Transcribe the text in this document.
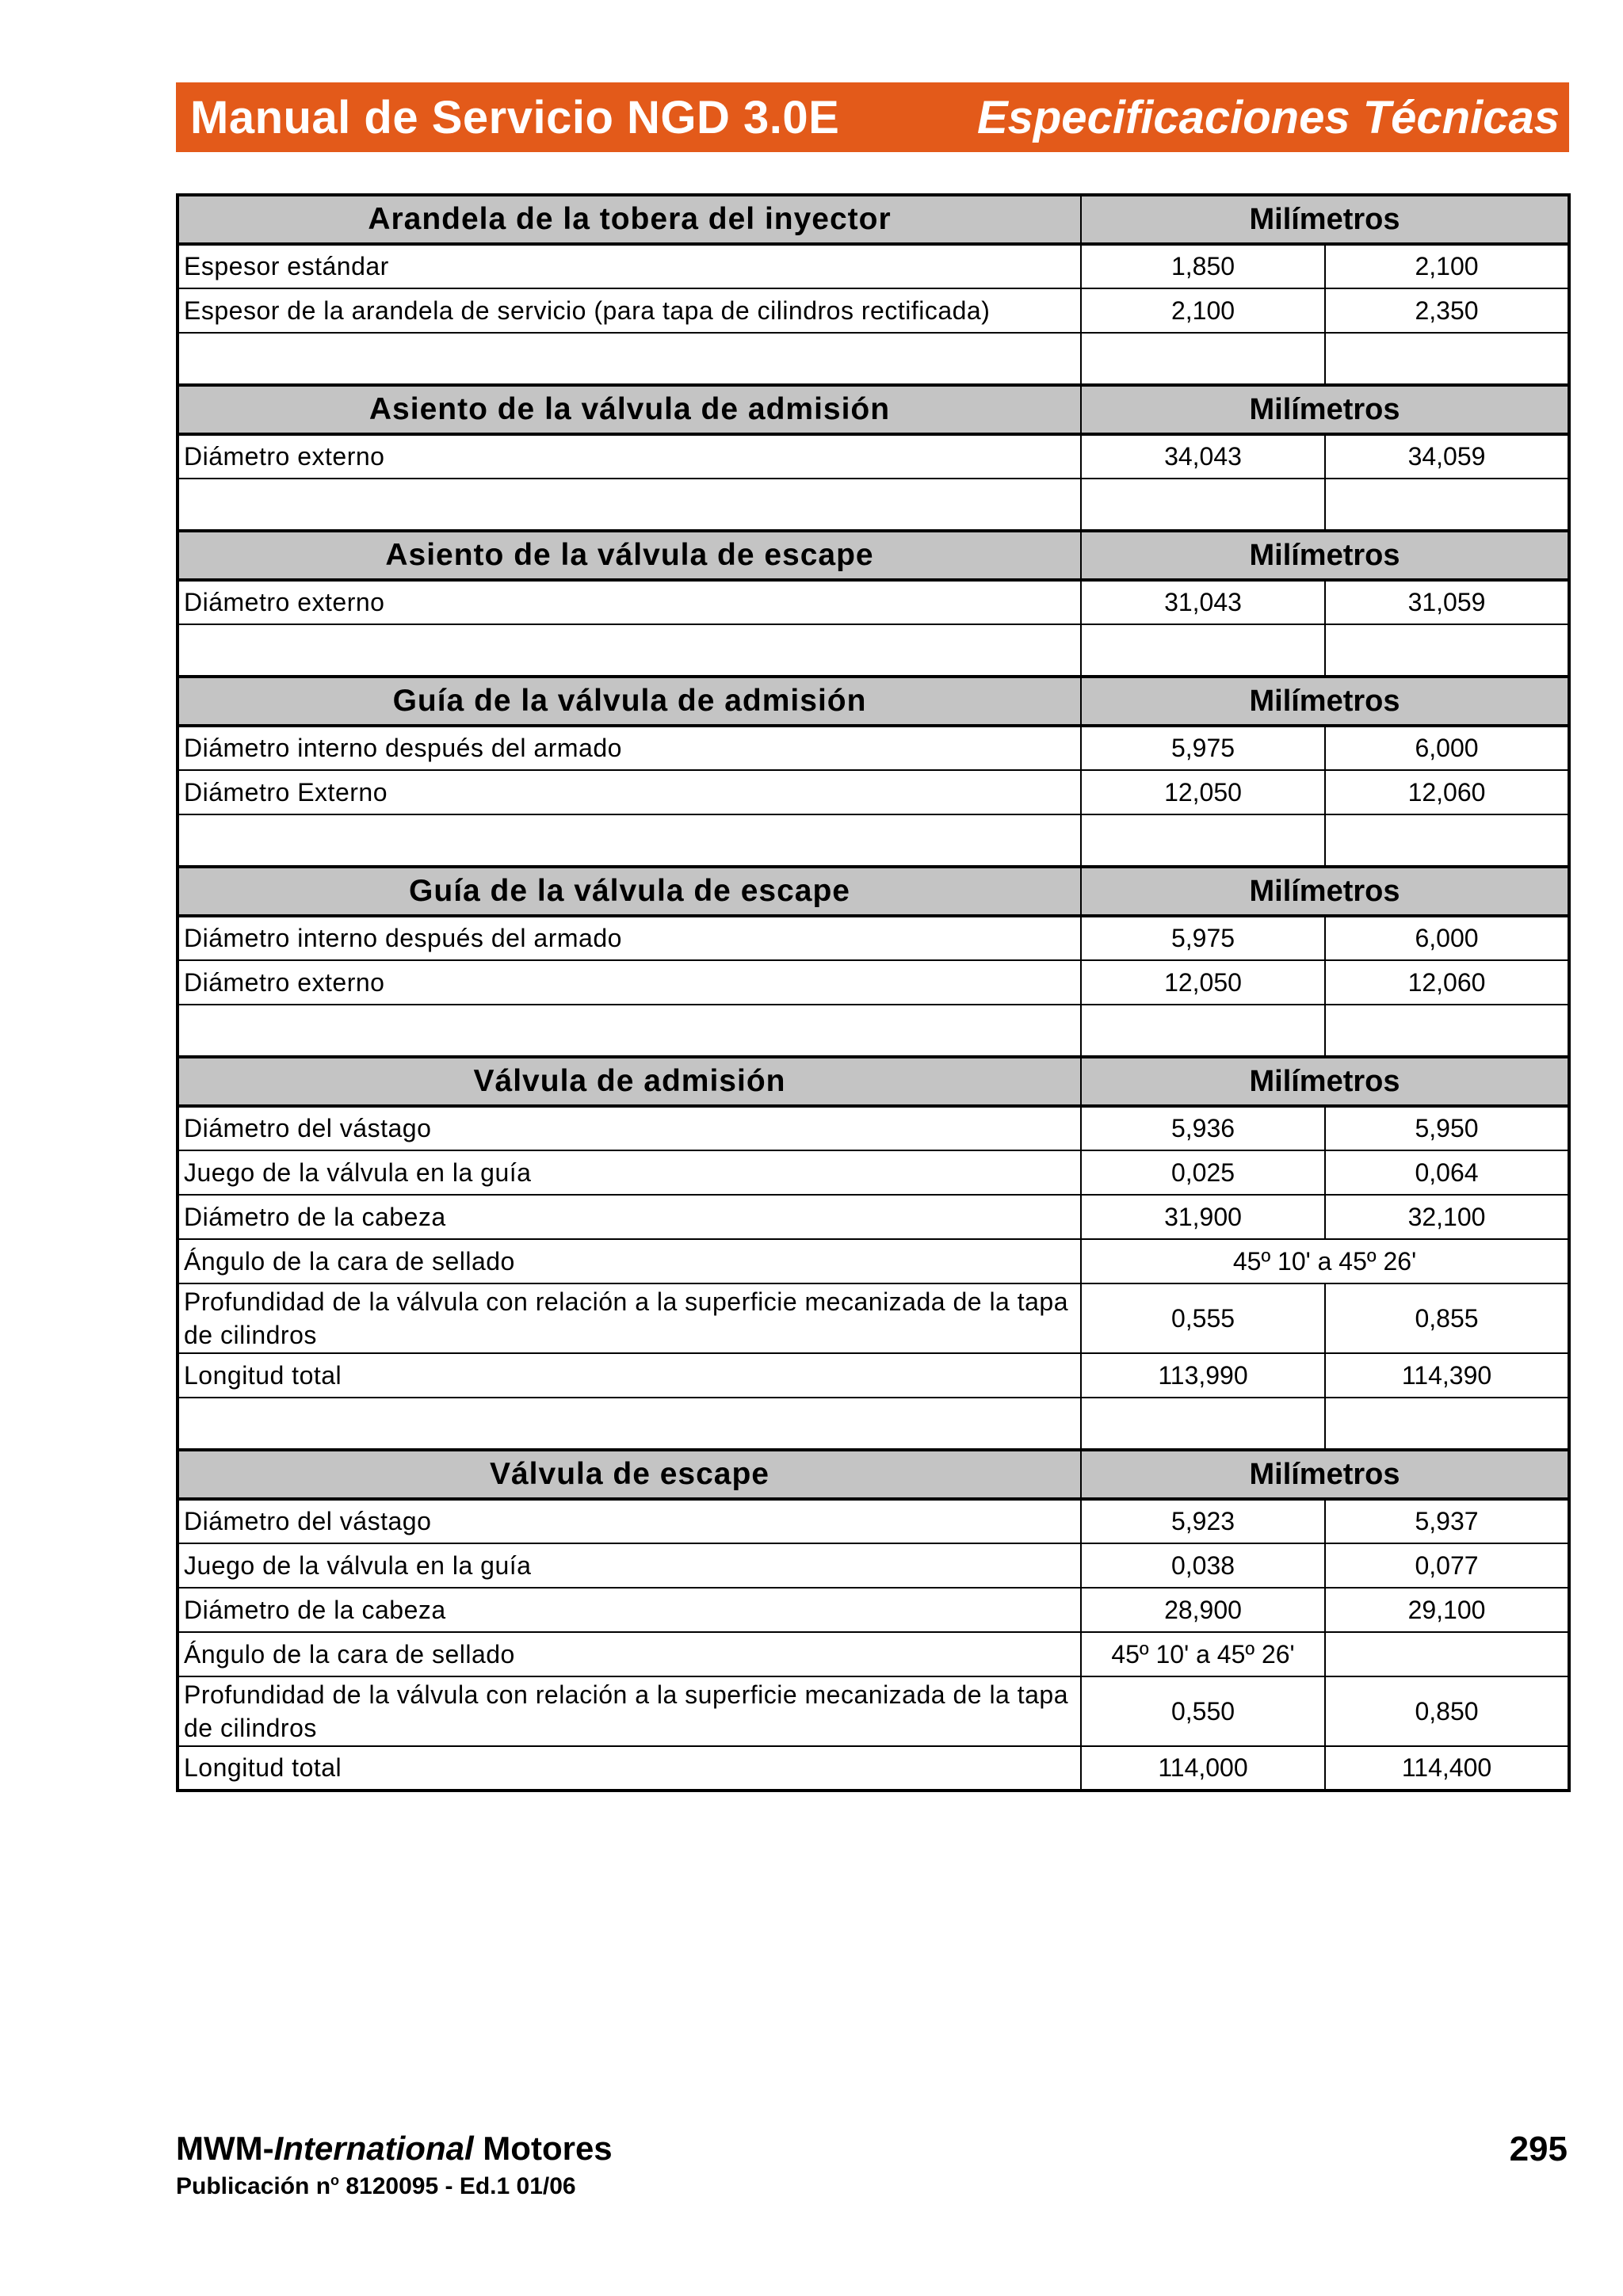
Manual de Servicio NGD 3.0E	Especificaciones Técnicas
Arandela de la tobera del inyector	Milímetros	
Espesor estándar	1,850	2,100
Espesor de la arandela de servicio (para tapa de cilindros rectificada)	2,100	2,350

Asiento de la válvula de admisión	Milímetros	
Diámetro externo	34,043	34,059

Asiento de la válvula de escape	Milímetros	
Diámetro externo	31,043	31,059

Guía de la válvula de admisión	Milímetros	
Diámetro interno después del armado	5,975	6,000
Diámetro Externo	12,050	12,060

Guía de la válvula de escape	Milímetros	
Diámetro interno después del armado	5,975	6,000
Diámetro externo	12,050	12,060

Válvula de admisión	Milímetros	
Diámetro del vástago	5,936	5,950
Juego de la válvula en la guía	0,025	0,064
Diámetro de la cabeza	31,900	32,100
Ángulo de la cara de sellado	45º 10' a 45º 26'	
Profundidad de la válvula con relación a la superficie mecanizada de la tapa de cilindros	0,555	0,855
Longitud total	113,990	114,390

Válvula de escape	Milímetros	
Diámetro del vástago	5,923	5,937
Juego de la válvula en la guía	0,038	0,077
Diámetro de la cabeza	28,900	29,100
Ángulo de la cara de sellado	45º 10' a 45º 26'	
Profundidad de la válvula con relación a la superficie mecanizada de la tapa de cilindros	0,550	0,850
Longitud total	114,000	114,400
MWM-International Motores
Publicación $n^o$ 8120095 - Ed.1 01/06
295
